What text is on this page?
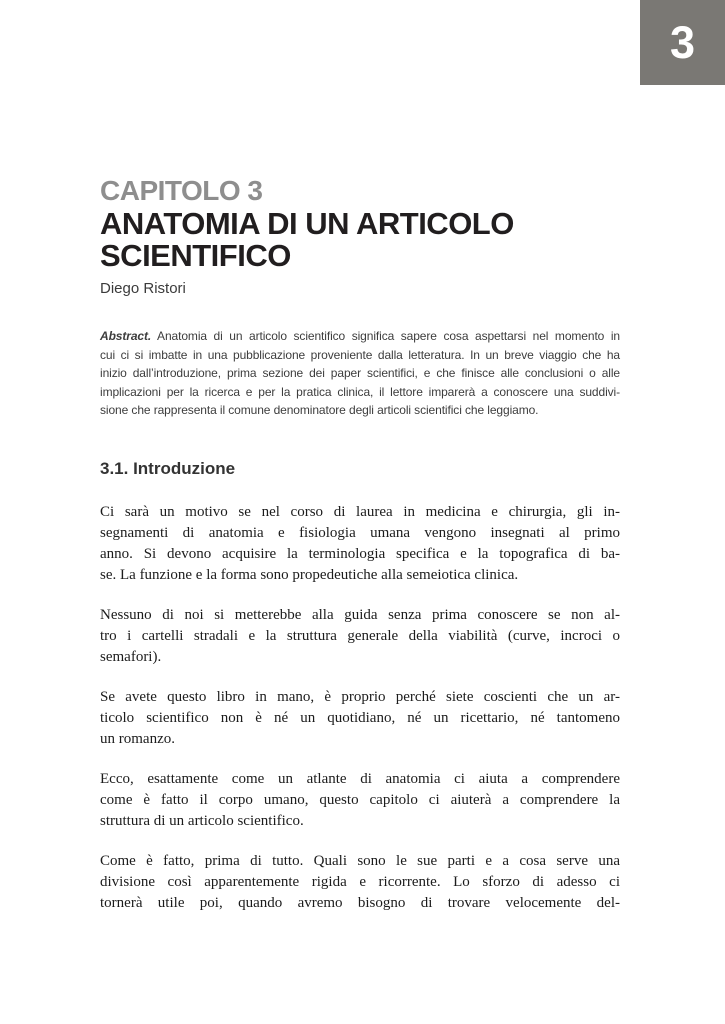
3
CAPITOLO 3
ANATOMIA DI UN ARTICOLO
SCIENTIFICO
Diego Ristori
Abstract. Anatomia di un articolo scientifico significa sapere cosa aspettarsi nel momento in
cui ci si imbatte in una pubblicazione proveniente dalla letteratura. In un breve viaggio che ha
inizio dall’introduzione, prima sezione dei paper scientifici, e che finisce alle conclusioni o alle
implicazioni per la ricerca e per la pratica clinica, il lettore imparerà a conoscere una suddivi-
sione che rappresenta il comune denominatore degli articoli scientifici che leggiamo.
3.1. Introduzione

Ci sarà un motivo se nel corso di laurea in medicina e chirurgia, gli in-
segnamenti di anatomia e fisiologia umana vengono insegnati al primo
anno. Si devono acquisire la terminologia specifica e la topografica di ba-
se. La funzione e la forma sono propedeutiche alla semeiotica clinica.

Nessuno di noi si metterebbe alla guida senza prima conoscere se non al-
tro i cartelli stradali e la struttura generale della viabilità (curve, incroci o
semafori).

Se avete questo libro in mano, è proprio perché siete coscienti che un ar-
ticolo scientifico non è né un quotidiano, né un ricettario, né tantomeno
un romanzo.

Ecco, esattamente come un atlante di anatomia ci aiuta a comprendere
come è fatto il corpo umano, questo capitolo ci aiuterà a comprendere la
struttura di un articolo scientifico.

Come è fatto, prima di tutto. Quali sono le sue parti e a cosa serve una
divisione così apparentemente rigida e ricorrente. Lo sforzo di adesso ci
tornerà utile poi, quando avremo bisogno di trovare velocemente del-
